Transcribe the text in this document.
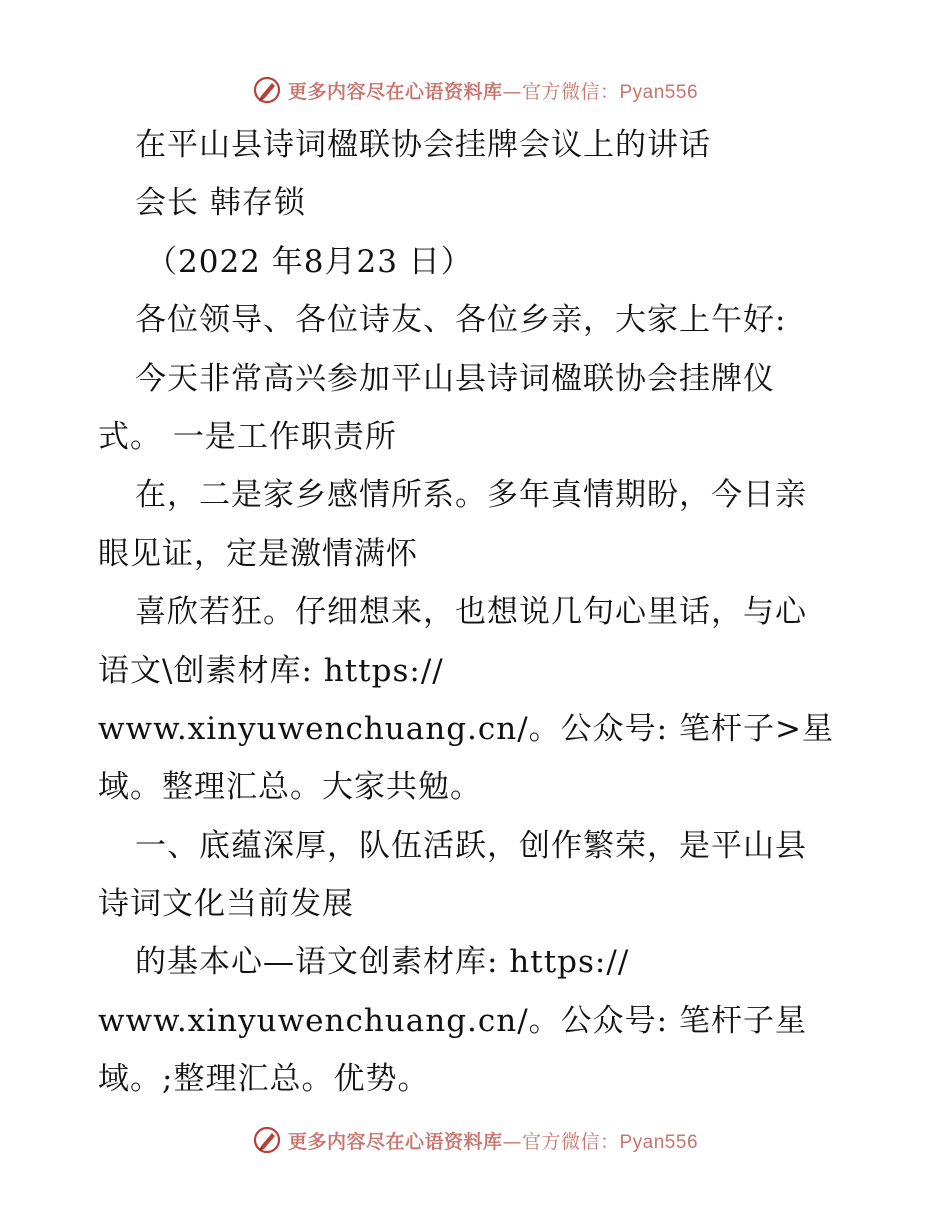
更多内容尽在心语资料库—官方微信：Pyan556
在平山县诗词楹联协会挂牌会议上的讲话
会长 韩存锁
（2022 年8月23 日）
各位领导、各位诗友、各位乡亲，大家上午好:
今天非常高兴参加平山县诗词楹联协会挂牌仪
式。 一是工作职责所
在，二是家乡感情所系。多年真情期盼，今日亲
眼见证，定是激情满怀
喜欣若狂。仔细想来，也想说几句心里话，与心
语文\创素材库: https://
www.xinyuwenchuang.cn/。公众号: 笔杆子>星
域。整理汇总。大家共勉。
一、底蕴深厚，队伍活跃，创作繁荣，是平山县
诗词文化当前发展
的基本心—语文创素材库: https://
www.xinyuwenchuang.cn/。公众号: 笔杆子星
域。;整理汇总。优势。
更多内容尽在心语资料库—官方微信：Pyan556
